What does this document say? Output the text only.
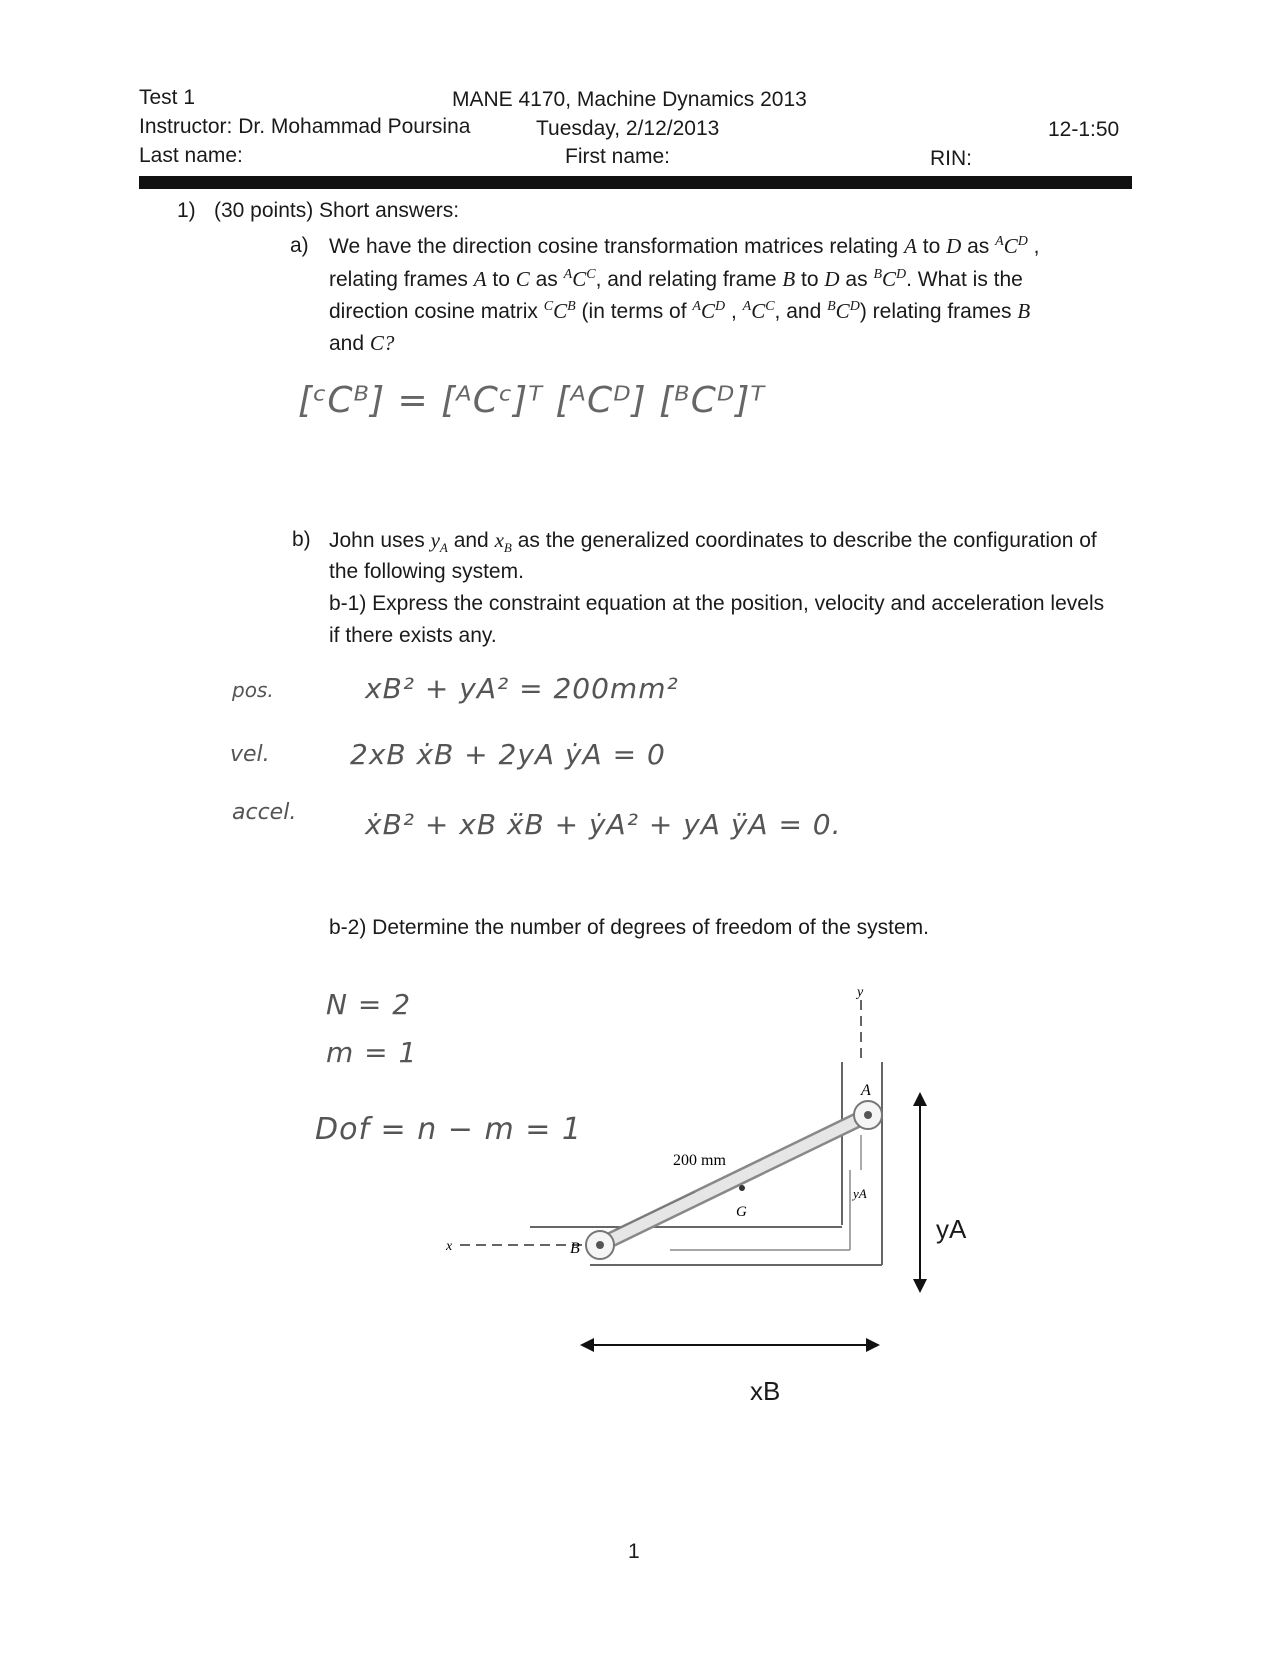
Test 1	MANE 4170, Machine Dynamics 2013
Instructor: Dr. Mohammad Poursina	Tuesday, 2/12/2013	12-1:50
Last name:	First name:	RIN:
1) (30 points) Short answers:
a) We have the direction cosine transformation matrices relating A to D as $^AC^D$ ,
relating frames A to C as $^AC^C$, and relating frame B to D as $^BC^D$. What is the
direction cosine matrix $^CC^B$ (in terms of $^AC^D$ , $^AC^C$, and $^BC^D$) relating frames B
and C?
[ᶜCᴮ] = [ᴬCᶜ]ᵀ [ᴬCᴰ] [ᴮCᴰ]ᵀ
b) John uses $y_A$ and $x_B$ as the generalized coordinates to describe the configuration of
the following system.
b-1) Express the constraint equation at the position, velocity and acceleration levels
if there exists any.
pos.	xB² + yA² = 200mm²
vel.	2xB ẋB + 2yA ẏA = 0
accel. ẋB² + xB ẍB + ẏA² + yA ÿA = 0.
b-2) Determine the number of degrees of freedom of the system.
N = 2
m = 1
Dof = n − m = 1
y
x
G
A
B
200 mm
yA
yA
xB
1
